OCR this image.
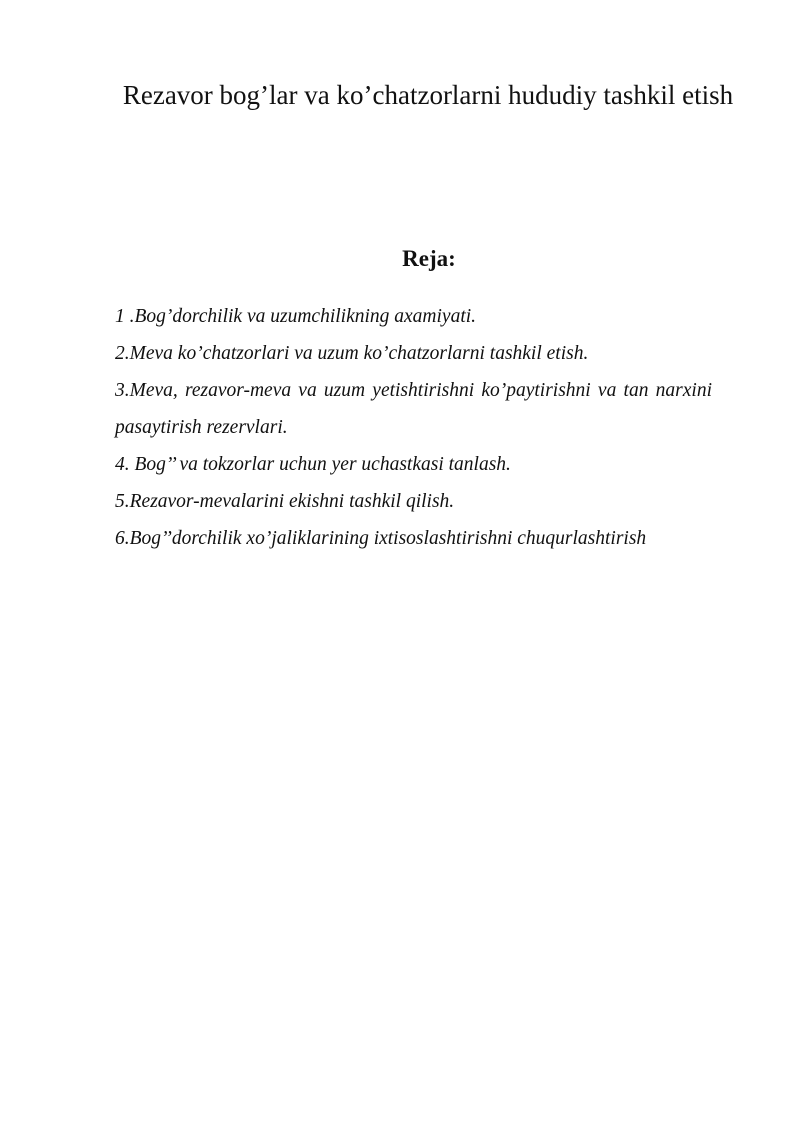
Rezavor bog’lar va ko’chatzorlarni hududiy tashkil etish
Reja:
1 .Bog’dorchilik va uzumchilikning axamiyati.
2.Meva ko’chatzorlari va uzum ko’chatzorlarni tashkil etish.
3.Meva, rezavor-meva va uzum yetishtirishni ko’paytirishni va tan narxini pasaytirish rezervlari.
4. Bog’’ va tokzorlar uchun yer uchastkasi tanlash.
5.Rezavor-mevalarini ekishni tashkil qilish.
6.Bog’’dorchilik xo’jaliklarining ixtisoslashtirishni chuqurlashtirish
